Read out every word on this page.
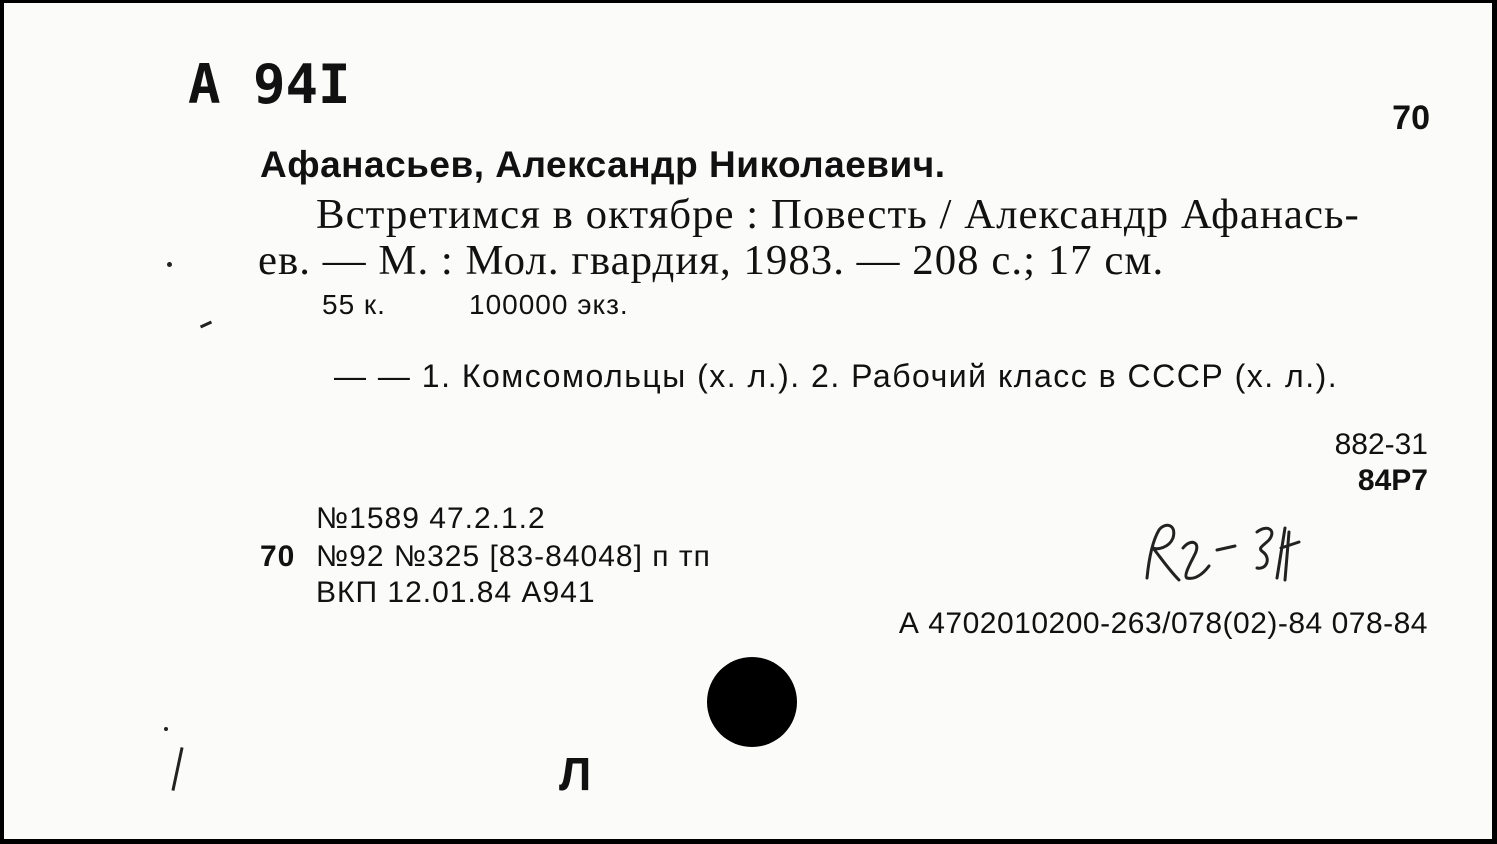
A 94I
70
Афанасьев, Александр Николаевич.
Встретимся в октябре : Повесть / Александр Афанась-
ев. — М. : Мол. гвардия, 1983. — 208 с.; 17 см.
55 к.	100000 экз.
— — 1. Комсомольцы (х. л.). 2. Рабочий класс в СССР (х. л.).
882-31
84Р7
№1589 47.2.1.2
70 №92 №325 [83-84048] п тп
ВКП 12.01.84 А941
А 4702010200-263/078(02)-84 078-84
Л
